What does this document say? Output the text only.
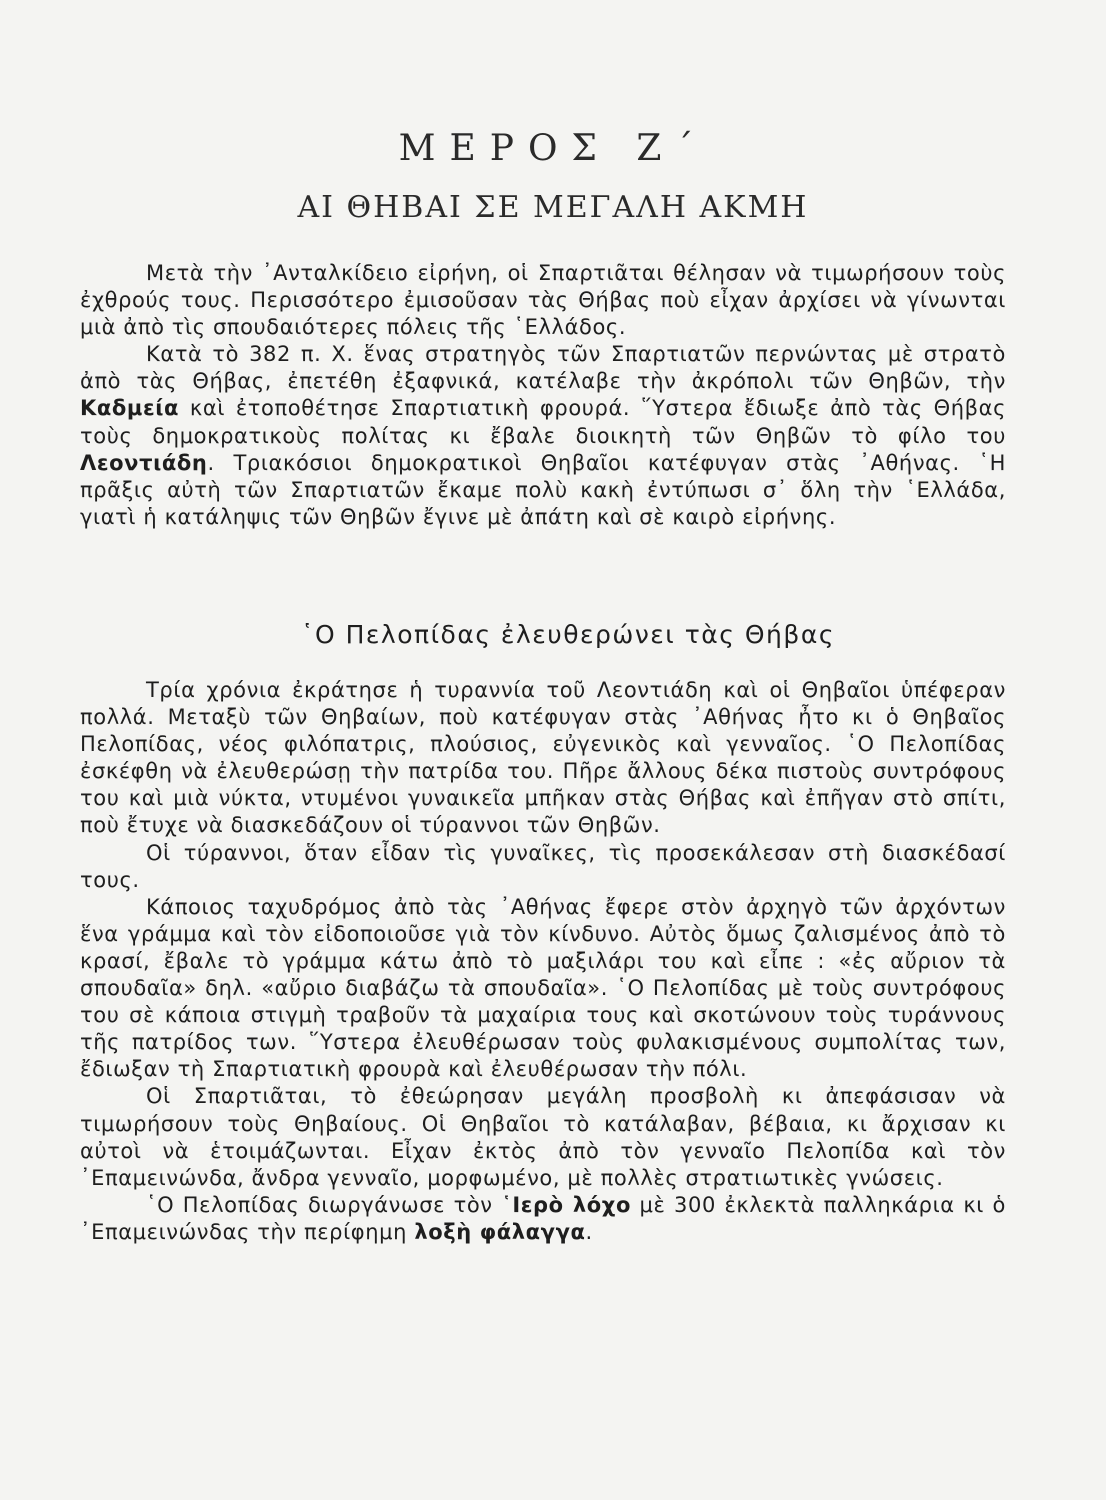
ΜΕΡΟΣ Ζ΄
ΑΙ ΘΗΒΑΙ ΣΕ ΜΕΓΑΛΗ ΑΚΜΗ

Μετὰ τὴν ᾿Ανταλκίδειο εἰρήνη, οἱ Σπαρτιᾶται θέλησαν νὰ τιμωρήσουν τοὺς ἐχθρούς τους. Περισσότερο ἐμισοῦσαν τὰς Θήβας ποὺ εἶχαν ἀρχίσει νὰ γίνωνται μιὰ ἀπὸ τὶς σπουδαιότερες πόλεις τῆς ῾Ελλάδος.

Κατὰ τὸ 382 π. Χ. ἕνας στρατηγὸς τῶν Σπαρτιατῶν περνώντας μὲ στρατὸ ἀπὸ τὰς Θήβας, ἐπετέθη ἐξαφνικά, κατέλαβε τὴν ἀκρόπολι τῶν Θηβῶν, τὴν Καδμεία καὶ ἐτοποθέτησε Σπαρτιατικὴ φρουρά. ῞Υστερα ἔδιωξε ἀπὸ τὰς Θήβας τοὺς δημοκρατικοὺς πολίτας κι ἔβαλε διοικητὴ τῶν Θηβῶν τὸ φίλο του Λεοντιάδη. Τριακόσιοι δημοκρατικοὶ Θηβαῖοι κατέφυγαν στὰς ᾿Αθήνας. ῾Η πρᾶξις αὐτὴ τῶν Σπαρτιατῶν ἔκαμε πολὺ κακὴ ἐντύπωσι σ᾿ ὅλη τὴν ῾Ελλάδα, γιατὶ ἡ κατάληψις τῶν Θηβῶν ἔγινε μὲ ἀπάτη καὶ σὲ καιρὸ εἰρήνης.

῾Ο Πελοπίδας ἐλευθερώνει τὰς Θήβας

Τρία χρόνια ἐκράτησε ἡ τυραννία τοῦ Λεοντιάδη καὶ οἱ Θηβαῖοι ὑπέφεραν πολλά. Μεταξὺ τῶν Θηβαίων, ποὺ κατέφυγαν στὰς ᾿Αθήνας ἦτο κι ὁ Θηβαῖος Πελοπίδας, νέος φιλόπατρις, πλούσιος, εὐγενικὸς καὶ γενναῖος. ῾Ο Πελοπίδας ἐσκέφθη νὰ ἐλευθερώσῃ τὴν πατρίδα του. Πῆρε ἄλλους δέκα πιστοὺς συντρόφους του καὶ μιὰ νύκτα, ντυμένοι γυναικεῖα μπῆκαν στὰς Θήβας καὶ ἐπῆγαν στὸ σπίτι, ποὺ ἔτυχε νὰ διασκεδάζουν οἱ τύραννοι τῶν Θηβῶν.

Οἱ τύραννοι, ὅταν εἶδαν τὶς γυναῖκες, τὶς προσεκάλεσαν στὴ διασκέδασί τους.

Κάποιος ταχυδρόμος ἀπὸ τὰς ᾿Αθήνας ἔφερε στὸν ἀρχηγὸ τῶν ἀρχόντων ἕνα γράμμα καὶ τὸν εἰδοποιοῦσε γιὰ τὸν κίνδυνο. Αὐτὸς ὅμως ζαλισμένος ἀπὸ τὸ κρασί, ἔβαλε τὸ γράμμα κάτω ἀπὸ τὸ μαξιλάρι του καὶ εἶπε : «ἐς αὔριον τὰ σπουδαῖα» δηλ. «αὔριο διαβάζω τὰ σπουδαῖα». ῾Ο Πελοπίδας μὲ τοὺς συντρόφους του σὲ κάποια στιγμὴ τραβοῦν τὰ μαχαίρια τους καὶ σκοτώνουν τοὺς τυράννους τῆς πατρίδος των. ῞Υστερα ἐλευθέρωσαν τοὺς φυλακισμένους συμπολίτας των, ἔδιωξαν τὴ Σπαρτιατικὴ φρουρὰ καὶ ἐλευθέρωσαν τὴν πόλι.

Οἱ Σπαρτιᾶται, τὸ ἐθεώρησαν μεγάλη προσβολὴ κι ἀπεφάσισαν νὰ τιμωρήσουν τοὺς Θηβαίους. Οἱ Θηβαῖοι τὸ κατάλαβαν, βέβαια, κι ἄρχισαν κι αὐτοὶ νὰ ἑτοιμάζωνται. Εἶχαν ἐκτὸς ἀπὸ τὸν γενναῖο Πελοπίδα καὶ τὸν ᾿Επαμεινώνδα, ἄνδρα γενναῖο, μορφωμένο, μὲ πολλὲς στρατιωτικὲς γνώσεις.

῾Ο Πελοπίδας διωργάνωσε τὸν ῾Ιερὸ λόχο μὲ 300 ἐκλεκτὰ παλληκάρια κι ὁ ᾿Επαμεινώνδας τὴν περίφημη λοξὴ φάλαγγα.
